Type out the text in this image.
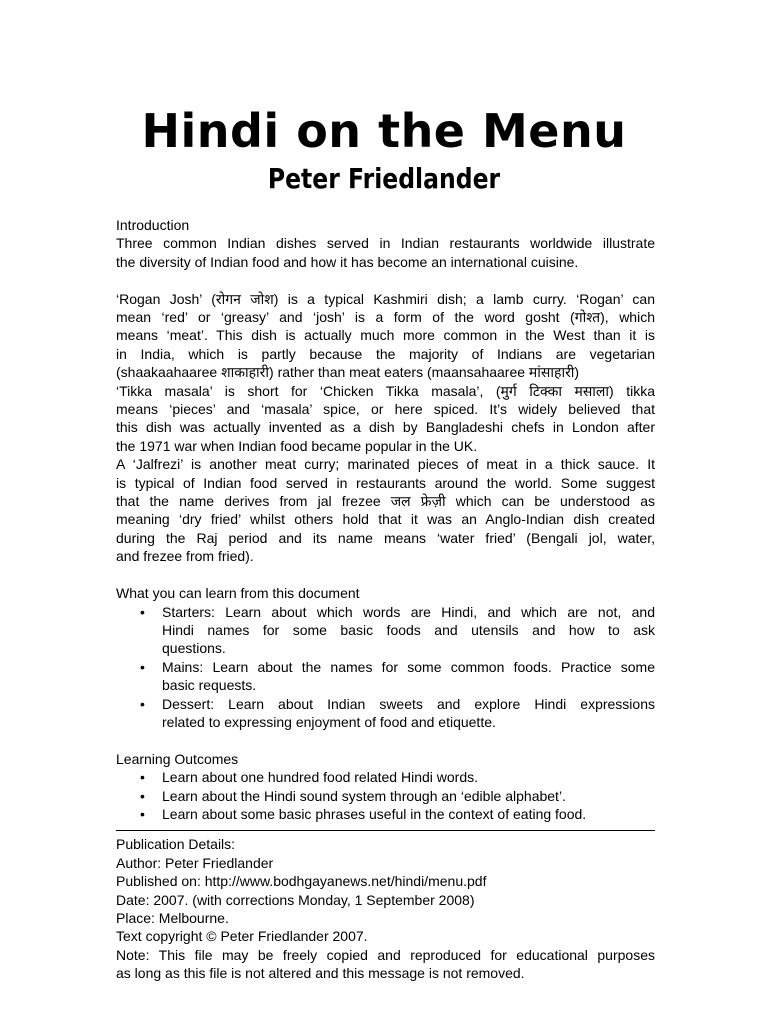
Hindi on the Menu
Peter Friedlander
Introduction
Three common Indian dishes served in Indian restaurants worldwide illustrate
the diversity of Indian food and how it has become an international cuisine.
‘Rogan Josh’ (रोगन जोश) is a typical Kashmiri dish; a lamb curry. ‘Rogan’ can
mean ‘red’ or ‘greasy’ and ‘josh’ is a form of the word gosht (गोश्त), which
means ‘meat’. This dish is actually much more common in the West than it is
in India, which is partly because the majority of Indians are vegetarian
(shaakaahaaree शाकाहारी) rather than meat eaters (maansahaaree मांसाहारी)
‘Tikka masala’ is short for ‘Chicken Tikka masala’, (मुर्ग टिक्का मसाला) tikka
means ‘pieces’ and ‘masala’ spice, or here spiced. It’s widely believed that
this dish was actually invented as a dish by Bangladeshi chefs in London after
the 1971 war when Indian food became popular in the UK.
A ‘Jalfrezi’ is another meat curry; marinated pieces of meat in a thick sauce. It
is typical of Indian food served in restaurants around the world. Some suggest
that the name derives from jal frezee जल फ्रेज़ी which can be understood as
meaning ‘dry fried’ whilst others hold that it was an Anglo-Indian dish created
during the Raj period and its name means ‘water fried’ (Bengali jol, water,
and frezee from fried).
What you can learn from this document
• Starters: Learn about which words are Hindi, and which are not, and
Hindi names for some basic foods and utensils and how to ask
questions.
• Mains: Learn about the names for some common foods. Practice some
basic requests.
• Dessert: Learn about Indian sweets and explore Hindi expressions
related to expressing enjoyment of food and etiquette.
Learning Outcomes
• Learn about one hundred food related Hindi words.
• Learn about the Hindi sound system through an ‘edible alphabet’.
• Learn about some basic phrases useful in the context of eating food.
Publication Details:
Author: Peter Friedlander
Published on: http://www.bodhgayanews.net/hindi/menu.pdf
Date: 2007. (with corrections Monday, 1 September 2008)
Place: Melbourne.
Text copyright © Peter Friedlander 2007.
Note: This file may be freely copied and reproduced for educational purposes
as long as this file is not altered and this message is not removed.
